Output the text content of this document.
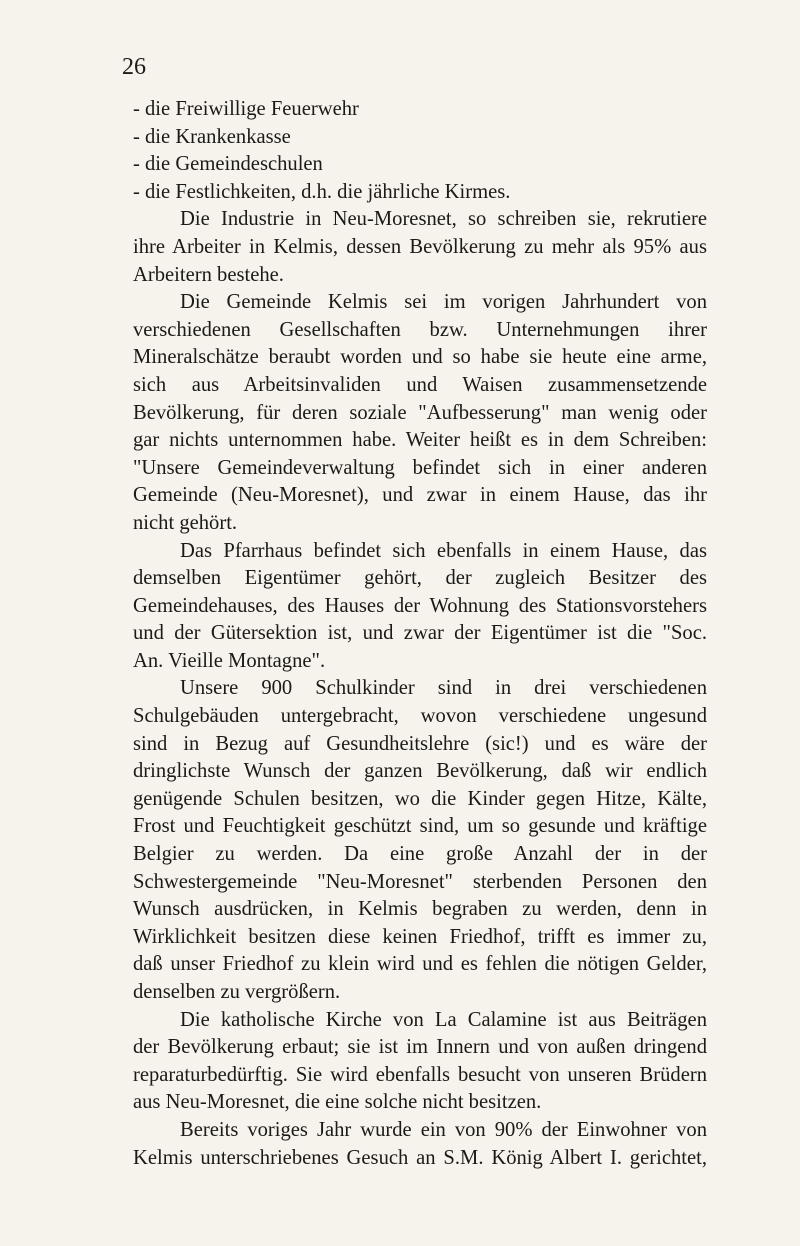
26
- die Freiwillige Feuerwehr
- die Krankenkasse
- die Gemeindeschulen
- die Festlichkeiten, d.h. die jährliche Kirmes.
Die Industrie in Neu-Moresnet, so schreiben sie, rekrutiere
ihre Arbeiter in Kelmis, dessen Bevölkerung zu mehr als 95% aus
Arbeitern bestehe.
Die Gemeinde Kelmis sei im vorigen Jahrhundert von
verschiedenen Gesellschaften bzw. Unternehmungen ihrer
Mineralschätze beraubt worden und so habe sie heute eine arme,
sich aus Arbeitsinvaliden und Waisen zusammensetzende
Bevölkerung, für deren soziale "Aufbesserung" man wenig oder
gar nichts unternommen habe. Weiter heißt es in dem Schreiben:
"Unsere Gemeindeverwaltung befindet sich in einer anderen
Gemeinde (Neu-Moresnet), und zwar in einem Hause, das ihr
nicht gehört.
Das Pfarrhaus befindet sich ebenfalls in einem Hause, das
demselben Eigentümer gehört, der zugleich Besitzer des
Gemeindehauses, des Hauses der Wohnung des Stationsvorstehers
und der Gütersektion ist, und zwar der Eigentümer ist die "Soc.
An. Vieille Montagne".
Unsere 900 Schulkinder sind in drei verschiedenen
Schulgebäuden untergebracht, wovon verschiedene ungesund
sind in Bezug auf Gesundheitslehre (sic!) und es wäre der
dringlichste Wunsch der ganzen Bevölkerung, daß wir endlich
genügende Schulen besitzen, wo die Kinder gegen Hitze, Kälte,
Frost und Feuchtigkeit geschützt sind, um so gesunde und kräftige
Belgier zu werden. Da eine große Anzahl der in der
Schwestergemeinde "Neu-Moresnet" sterbenden Personen den
Wunsch ausdrücken, in Kelmis begraben zu werden, denn in
Wirklichkeit besitzen diese keinen Friedhof, trifft es immer zu,
daß unser Friedhof zu klein wird und es fehlen die nötigen Gelder,
denselben zu vergrößern.
Die katholische Kirche von La Calamine ist aus Beiträgen
der Bevölkerung erbaut; sie ist im Innern und von außen dringend
reparaturbedürftig. Sie wird ebenfalls besucht von unseren Brüdern
aus Neu-Moresnet, die eine solche nicht besitzen.
Bereits voriges Jahr wurde ein von 90% der Einwohner von
Kelmis unterschriebenes Gesuch an S.M. König Albert I. gerichtet,
